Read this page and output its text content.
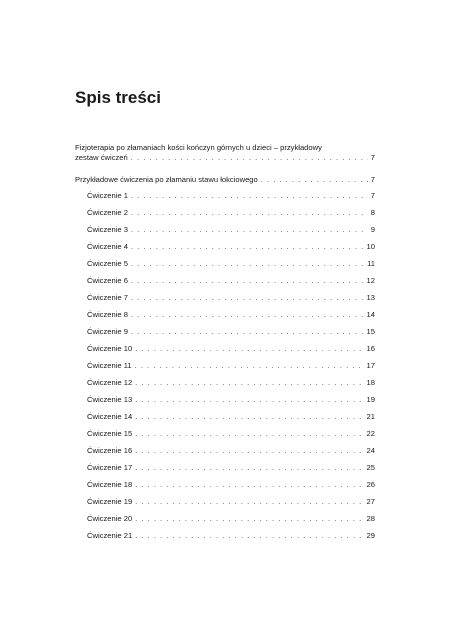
Spis treści
Fizjoterapia po złamaniach kości kończyn górnych u dzieci – przykładowy
zestaw ćwiczeń . . .	7
Przykładowe ćwiczenia po złamaniu stawu łokciowego . . .	7
Ćwiczenie 1 . . .	7
Ćwiczenie 2 . . .	8
Ćwiczenie 3 . . .	9
Ćwiczenie 4 . . .	10
Ćwiczenie 5 . . .	11
Ćwiczenie 6 . . .	12
Ćwiczenie 7 . . .	13
Ćwiczenie 8 . . .	14
Ćwiczenie 9 . . .	15
Ćwiczenie 10 . . .	16
Ćwiczenie 11 . . .	17
Ćwiczenie 12 . . .	18
Ćwiczenie 13 . . .	19
Ćwiczenie 14 . . .	21
Ćwiczenie 15 . . .	22
Ćwiczenie 16 . . .	24
Ćwiczenie 17 . . .	25
Ćwiczenie 18 . . .	26
Ćwiczenie 19 . . .	27
Ćwiczenie 20 . . .	28
Ćwiczenie 21 . . .	29
